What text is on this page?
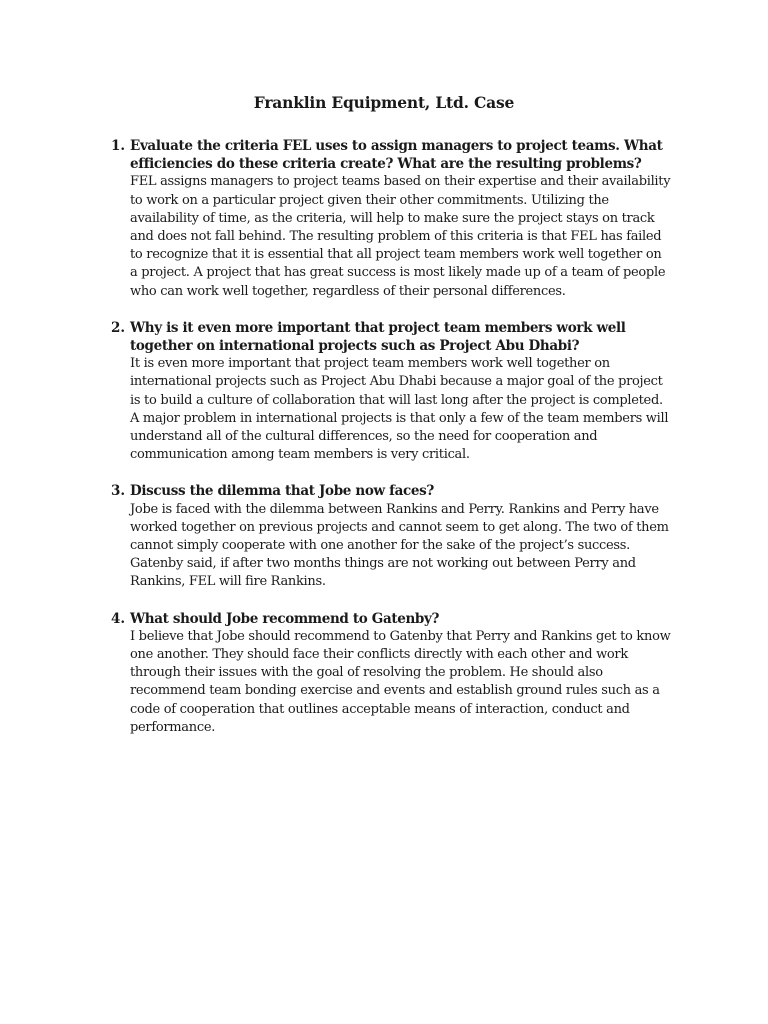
Franklin Equipment, Ltd. Case
1. Evaluate the criteria FEL uses to assign managers to project teams. What efficiencies do these criteria create? What are the resulting problems?
FEL assigns managers to project teams based on their expertise and their availability to work on a particular project given their other commitments. Utilizing the availability of time, as the criteria, will help to make sure the project stays on track and does not fall behind. The resulting problem of this criteria is that FEL has failed to recognize that it is essential that all project team members work well together on a project. A project that has great success is most likely made up of a team of people who can work well together, regardless of their personal differences.
2. Why is it even more important that project team members work well together on international projects such as Project Abu Dhabi?
It is even more important that project team members work well together on international projects such as Project Abu Dhabi because a major goal of the project is to build a culture of collaboration that will last long after the project is completed. A major problem in international projects is that only a few of the team members will understand all of the cultural differences, so the need for cooperation and communication among team members is very critical.
3. Discuss the dilemma that Jobe now faces?
Jobe is faced with the dilemma between Rankins and Perry. Rankins and Perry have worked together on previous projects and cannot seem to get along. The two of them cannot simply cooperate with one another for the sake of the project’s success. Gatenby said, if after two months things are not working out between Perry and Rankins, FEL will fire Rankins.
4. What should Jobe recommend to Gatenby?
I believe that Jobe should recommend to Gatenby that Perry and Rankins get to know one another. They should face their conflicts directly with each other and work through their issues with the goal of resolving the problem. He should also recommend team bonding exercise and events and establish ground rules such as a code of cooperation that outlines acceptable means of interaction, conduct and performance.
